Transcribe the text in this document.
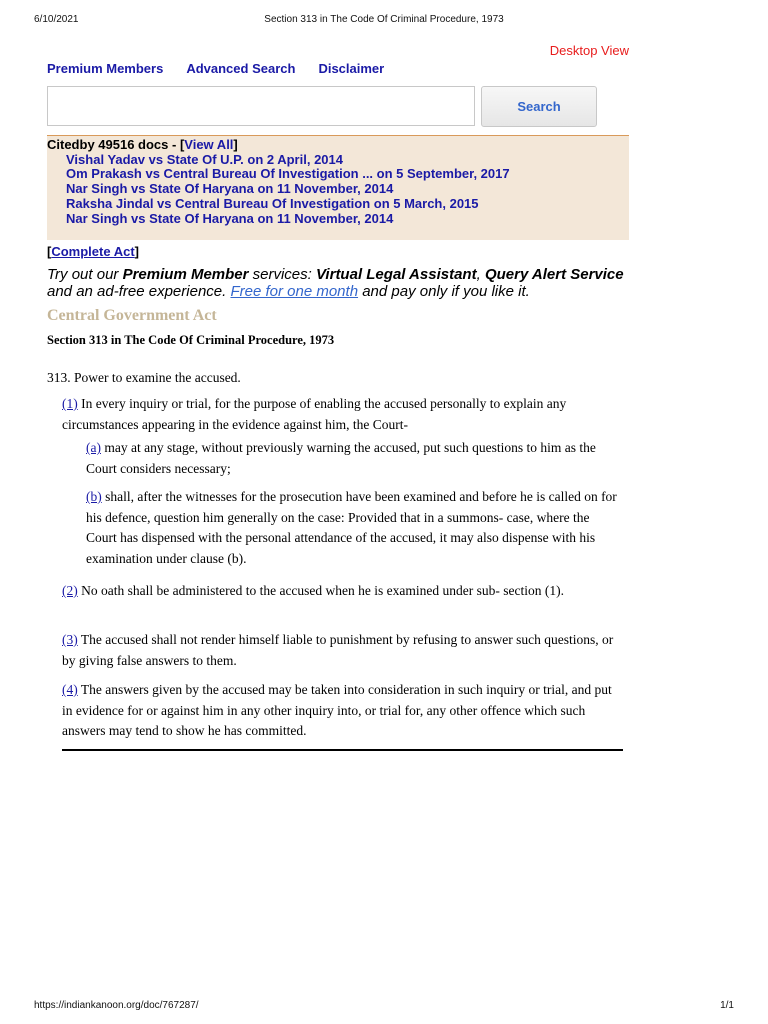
6/10/2021	Section 313 in The Code Of Criminal Procedure, 1973
Desktop View
Premium Members Advanced Search Disclaimer
Search
Citedby 49516 docs - [View All]
Vishal Yadav vs State Of U.P. on 2 April, 2014
Om Prakash vs Central Bureau Of Investigation ... on 5 September, 2017
Nar Singh vs State Of Haryana on 11 November, 2014
Raksha Jindal vs Central Bureau Of Investigation on 5 March, 2015
Nar Singh vs State Of Haryana on 11 November, 2014
[Complete Act]
Try out our Premium Member services: Virtual Legal Assistant, Query Alert Service and an ad-free experience. Free for one month and pay only if you like it.
Central Government Act
Section 313 in The Code Of Criminal Procedure, 1973
313. Power to examine the accused.
(1) In every inquiry or trial, for the purpose of enabling the accused personally to explain any circumstances appearing in the evidence against him, the Court-
(a) may at any stage, without previously warning the accused, put such questions to him as the Court considers necessary;
(b) shall, after the witnesses for the prosecution have been examined and before he is called on for his defence, question him generally on the case: Provided that in a summons- case, where the Court has dispensed with the personal attendance of the accused, it may also dispense with his examination under clause (b).
(2) No oath shall be administered to the accused when he is examined under sub- section (1).
(3) The accused shall not render himself liable to punishment by refusing to answer such questions, or by giving false answers to them.
(4) The answers given by the accused may be taken into consideration in such inquiry or trial, and put in evidence for or against him in any other inquiry into, or trial for, any other offence which such answers may tend to show he has committed.
https://indiankanoon.org/doc/767287/	1/1
